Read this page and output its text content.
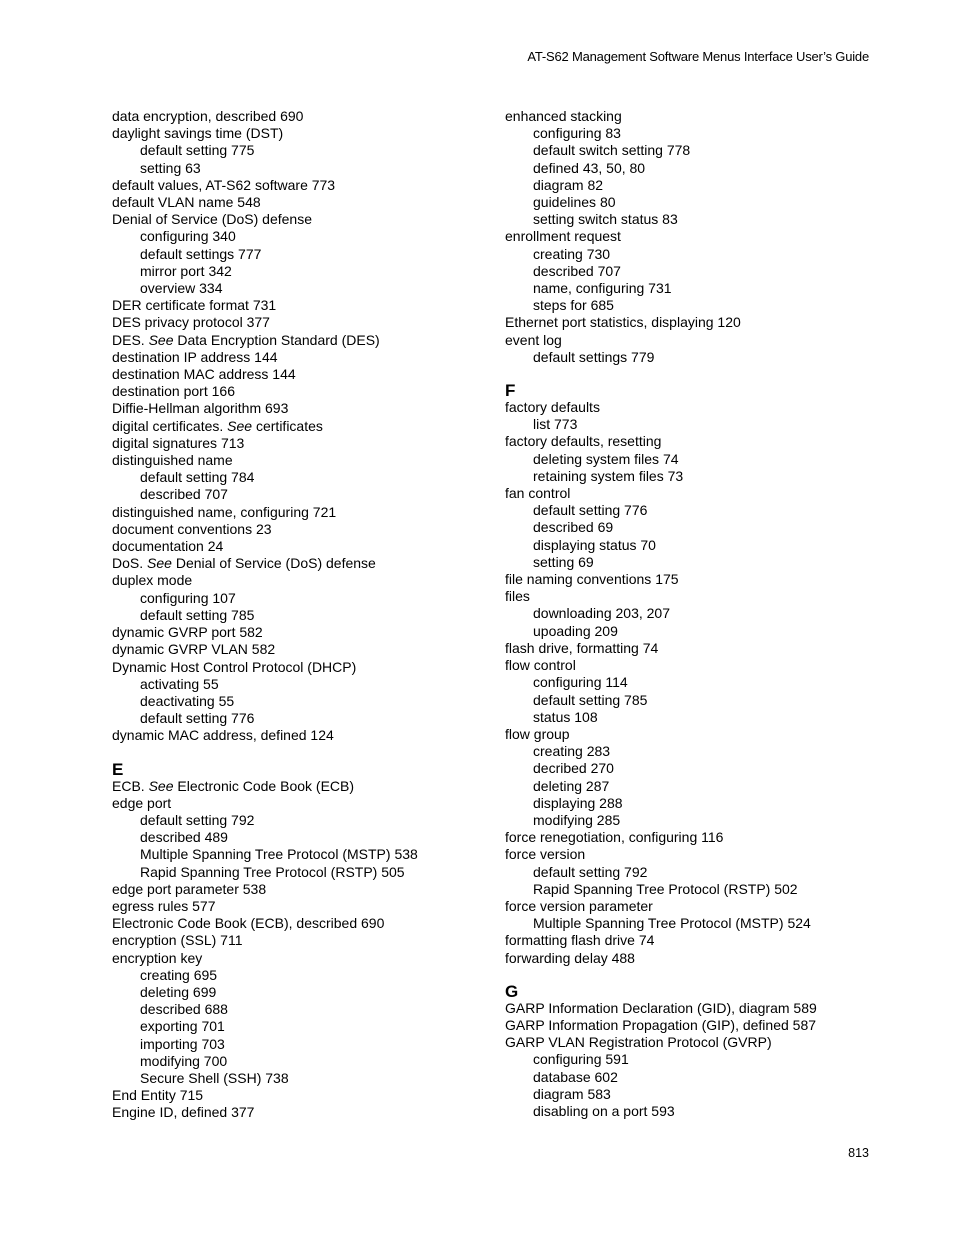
AT-S62 Management Software Menus Interface User’s Guide
data encryption, described 690
daylight savings time (DST)
default setting 775
setting 63
default values, AT-S62 software 773
default VLAN name 548
Denial of Service (DoS) defense
configuring 340
default settings 777
mirror port 342
overview 334
DER certificate format 731
DES privacy protocol 377
DES. See Data Encryption Standard (DES)
destination IP address 144
destination MAC address 144
destination port 166
Diffie-Hellman algorithm 693
digital certificates. See certificates
digital signatures 713
distinguished name
default setting 784
described 707
distinguished name, configuring 721
document conventions 23
documentation 24
DoS. See Denial of Service (DoS) defense
duplex mode
configuring 107
default setting 785
dynamic GVRP port 582
dynamic GVRP VLAN 582
Dynamic Host Control Protocol (DHCP)
activating 55
deactivating 55
default setting 776
dynamic MAC address, defined 124
E
ECB. See Electronic Code Book (ECB)
edge port
default setting 792
described 489
Multiple Spanning Tree Protocol (MSTP) 538
Rapid Spanning Tree Protocol (RSTP) 505
edge port parameter 538
egress rules 577
Electronic Code Book (ECB), described 690
encryption (SSL) 711
encryption key
creating 695
deleting 699
described 688
exporting 701
importing 703
modifying 700
Secure Shell (SSH) 738
End Entity 715
Engine ID, defined 377
enhanced stacking
configuring 83
default switch setting 778
defined 43, 50, 80
diagram 82
guidelines 80
setting switch status 83
enrollment request
creating 730
described 707
name, configuring 731
steps for 685
Ethernet port statistics, displaying 120
event log
default settings 779
F
factory defaults
list 773
factory defaults, resetting
deleting system files 74
retaining system files 73
fan control
default setting 776
described 69
displaying status 70
setting 69
file naming conventions 175
files
downloading 203, 207
upoading 209
flash drive, formatting 74
flow control
configuring 114
default setting 785
status 108
flow group
creating 283
decribed 270
deleting 287
displaying 288
modifying 285
force renegotiation, configuring 116
force version
default setting 792
Rapid Spanning Tree Protocol (RSTP) 502
force version parameter
Multiple Spanning Tree Protocol (MSTP) 524
formatting flash drive 74
forwarding delay 488
G
GARP Information Declaration (GID), diagram 589
GARP Information Propagation (GIP), defined 587
GARP VLAN Registration Protocol (GVRP)
configuring 591
database 602
diagram 583
disabling on a port 593
813
